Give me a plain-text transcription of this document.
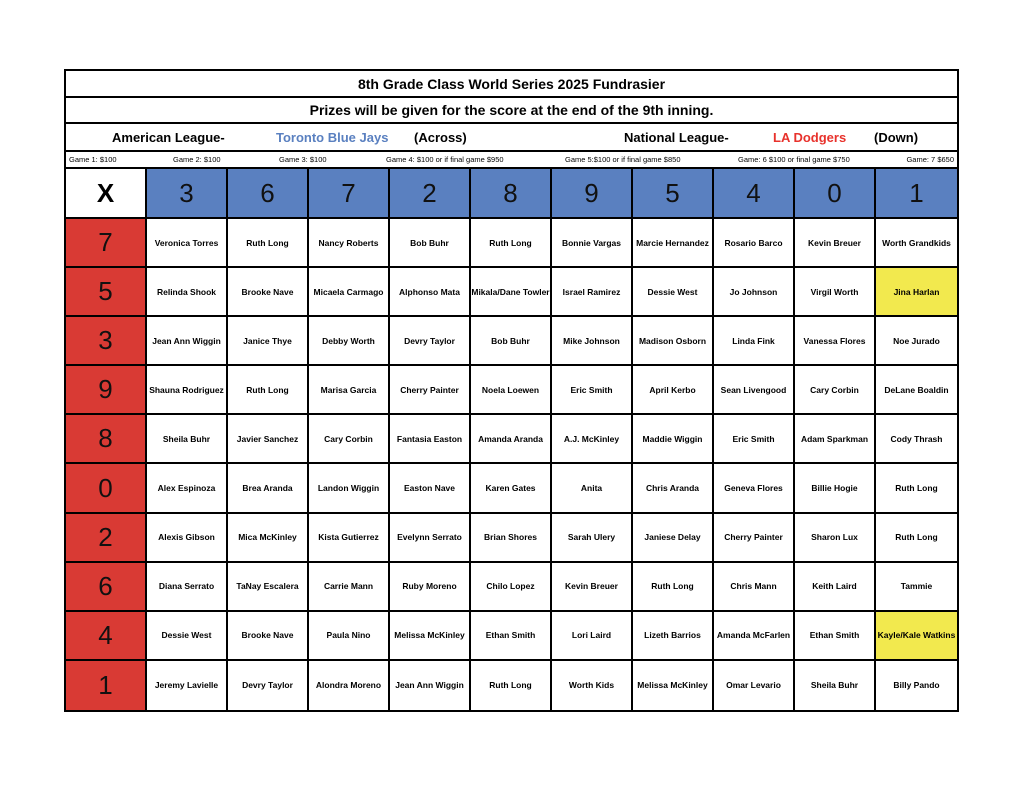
8th Grade Class World Series 2025 Fundrasier
Prizes will be given for the score at the end of the 9th inning.
American League-	Toronto Blue Jays (Across)	National League-	LA Dodgers (Down)
Game 1: $100	Game 2: $100	Game 3: $100	Game 4: $100 or if final game $950	Game 5:$100 or if final game $850	Game: 6 $100 or final game $750	Game: 7 $650
X	3	6	7	2	8	9	5	4	0	1
7	Veronica Torres	Ruth Long	Nancy Roberts	Bob Buhr	Ruth Long	Bonnie Vargas	Marcie Hernandez	Rosario Barco	Kevin Breuer	Worth Grandkids
5	Relinda Shook	Brooke Nave	Micaela Carmago	Alphonso Mata	Mikala/Dane Towler	Israel Ramirez	Dessie West	Jo Johnson	Virgil Worth	Jina Harlan
3	Jean Ann Wiggin	Janice Thye	Debby Worth	Devry Taylor	Bob Buhr	Mike Johnson	Madison Osborn	Linda Fink	Vanessa Flores	Noe Jurado
9	Shauna Rodriguez	Ruth Long	Marisa Garcia	Cherry Painter	Noela Loewen	Eric Smith	April Kerbo	Sean Livengood	Cary Corbin	DeLane Boaldin
8	Sheila Buhr	Javier Sanchez	Cary Corbin	Fantasia Easton	Amanda Aranda	A.J. McKinley	Maddie Wiggin	Eric Smith	Adam Sparkman	Cody Thrash
0	Alex Espinoza	Brea Aranda	Landon Wiggin	Easton Nave	Karen Gates	Anita	Chris Aranda	Geneva Flores	Billie Hogie	Ruth Long
2	Alexis Gibson	Mica McKinley	Kista Gutierrez	Evelynn Serrato	Brian Shores	Sarah Ulery	Janiese Delay	Cherry Painter	Sharon Lux	Ruth Long
6	Diana Serrato	TaNay Escalera	Carrie Mann	Ruby Moreno	Chilo Lopez	Kevin Breuer	Ruth Long	Chris Mann	Keith Laird	Tammie
4	Dessie West	Brooke Nave	Paula Nino	Melissa McKinley	Ethan Smith	Lori Laird	Lizeth Barrios	Amanda McFarlen	Ethan Smith	Kayle/Kale Watkins
1	Jeremy Lavielle	Devry Taylor	Alondra Moreno	Jean Ann Wiggin	Ruth Long	Worth Kids	Melissa McKinley	Omar Levario	Sheila Buhr	Billy Pando
